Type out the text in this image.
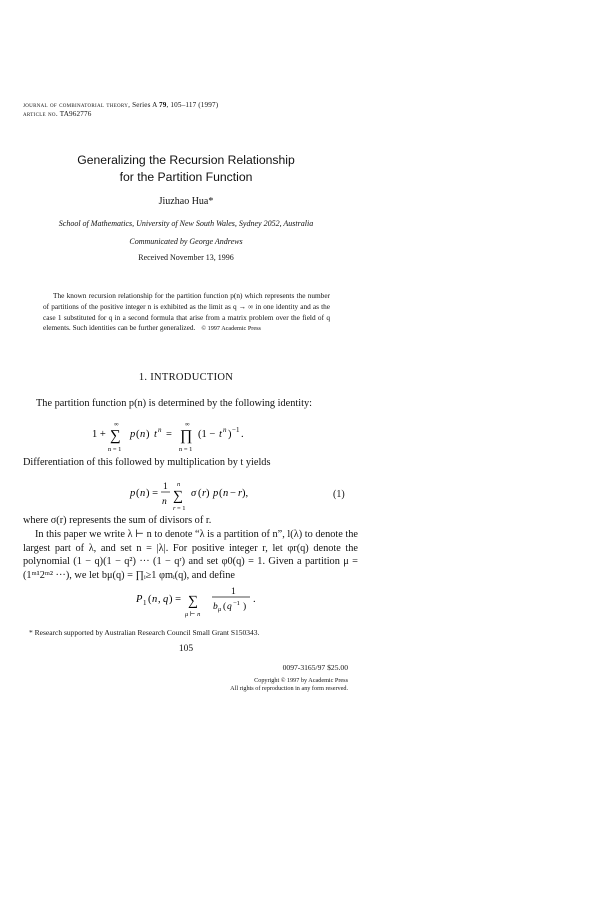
journal of combinatorial theory, Series A 79, 105–117 (1997)
article no. TA962776
Generalizing the Recursion Relationship
for the Partition Function
Jiuzhao Hua*
School of Mathematics, University of New South Wales, Sydney 2052, Australia
Communicated by George Andrews
Received November 13, 1996
The known recursion relationship for the partition function p(n) which represents the number of partitions of the positive integer n is exhibited as the limit as q → ∞ in one identity and as the case 1 substituted for q in a second formula that arise from a matrix problem over the field of q elements. Such identities can be further generalized. © 1997 Academic Press
1. INTRODUCTION
The partition function p(n) is determined by the following identity:
1 +
∞
∑
n = 1
p ( n ) t n =
∞
∏
n = 1
(1 − t n ) −1 .
Differentiation of this followed by multiplication by t yields
p ( n ) =
1
n
n
∑
r = 1
σ ( r ) p ( n − r ),	(1)
where σ(r) represents the sum of divisors of r.
In this paper we write λ ⊢ n to denote “λ is a partition of n”, l(λ) to denote the largest part of λ, and set n = |λ|. For positive integer r, let φr(q) denote the polynomial (1 − q)(1 − q²) ··· (1 − qʳ) and set φ0(q) = 1. Given a partition μ = (1ᵐ¹2ᵐ² ···), we let bμ(q) = ∏ᵢ≥1 φmᵢ(q), and define
P 1 ( n , q ) = ∑
μ ⊢ n
1
b μ ( q −1 )
.
* Research supported by Australian Research Council Small Grant S150343.
105
0097-3165/97 $25.00
Copyright © 1997 by Academic Press
All rights of reproduction in any form reserved.
